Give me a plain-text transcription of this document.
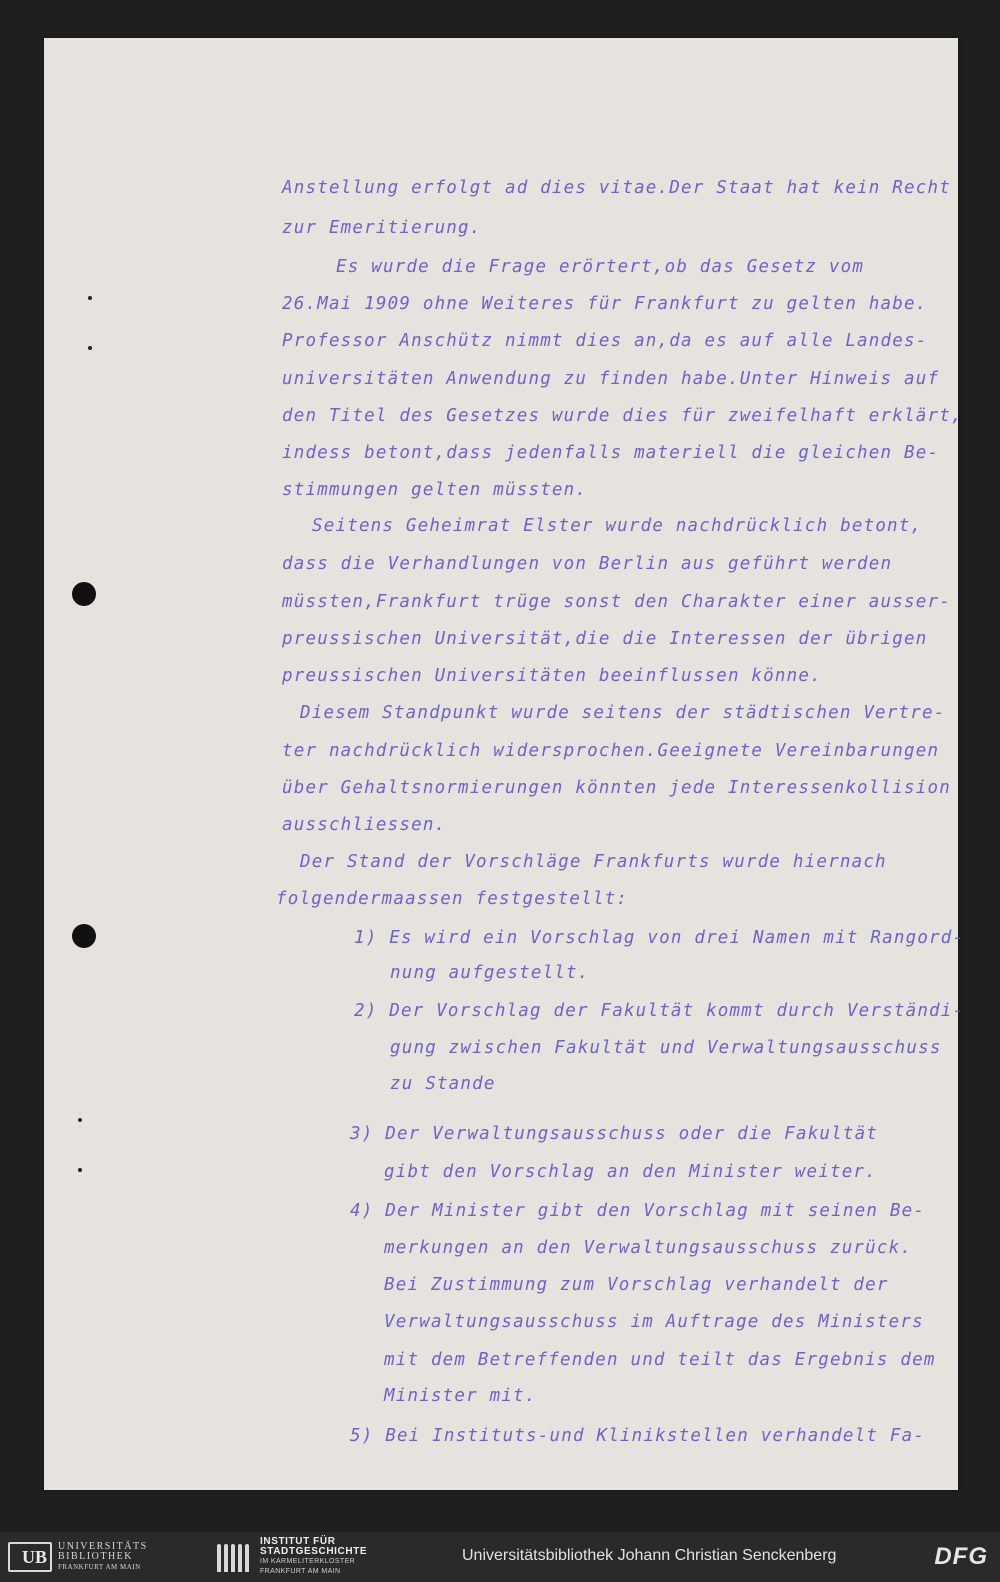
Anstellung erfolgt ad dies vitae.Der Staat hat kein Recht
zur Emeritierung.
Es wurde die Frage erörtert,ob das Gesetz vom
26.Mai 1909 ohne Weiteres für Frankfurt zu gelten habe.
Professor Anschütz nimmt dies an,da es auf alle Landes-
universitäten Anwendung zu finden habe.Unter Hinweis auf
den Titel des Gesetzes wurde dies für zweifelhaft erklärt,
indess betont,dass jedenfalls materiell die gleichen Be-
stimmungen gelten müssten.
Seitens Geheimrat Elster wurde nachdrücklich betont,
dass die Verhandlungen von Berlin aus geführt werden
müssten,Frankfurt trüge sonst den Charakter einer ausser-
preussischen Universität,die die Interessen der übrigen
preussischen Universitäten beeinflussen könne.
Diesem Standpunkt wurde seitens der städtischen Vertre-
ter nachdrücklich widersprochen.Geeignete Vereinbarungen
über Gehaltsnormierungen könnten jede Interessenkollision
ausschliessen.
Der Stand der Vorschläge Frankfurts wurde hiernach
folgendermaassen festgestellt:
1) Es wird ein Vorschlag von drei Namen mit Rangord-
nung aufgestellt.
2) Der Vorschlag der Fakultät kommt durch Verständi-
gung zwischen Fakultät und Verwaltungsausschuss
zu Stande
3) Der Verwaltungsausschuss oder die Fakultät
gibt den Vorschlag an den Minister weiter.
4) Der Minister gibt den Vorschlag mit seinen Be-
merkungen an den Verwaltungsausschuss zurück.
Bei Zustimmung zum Vorschlag verhandelt der
Verwaltungsausschuss im Auftrage des Ministers
mit dem Betreffenden und teilt das Ergebnis dem
Minister mit.
5) Bei Instituts-und Klinikstellen verhandelt Fa-
UB	UNIVERSITÄTS
BIBLIOTHEK
FRANKFURT AM MAIN
INSTITUT FÜR
STADTGESCHICHTE
IM KARMELITERKLOSTER
FRANKFURT AM MAIN
Universitätsbibliothek Johann Christian Senckenberg	DFG
